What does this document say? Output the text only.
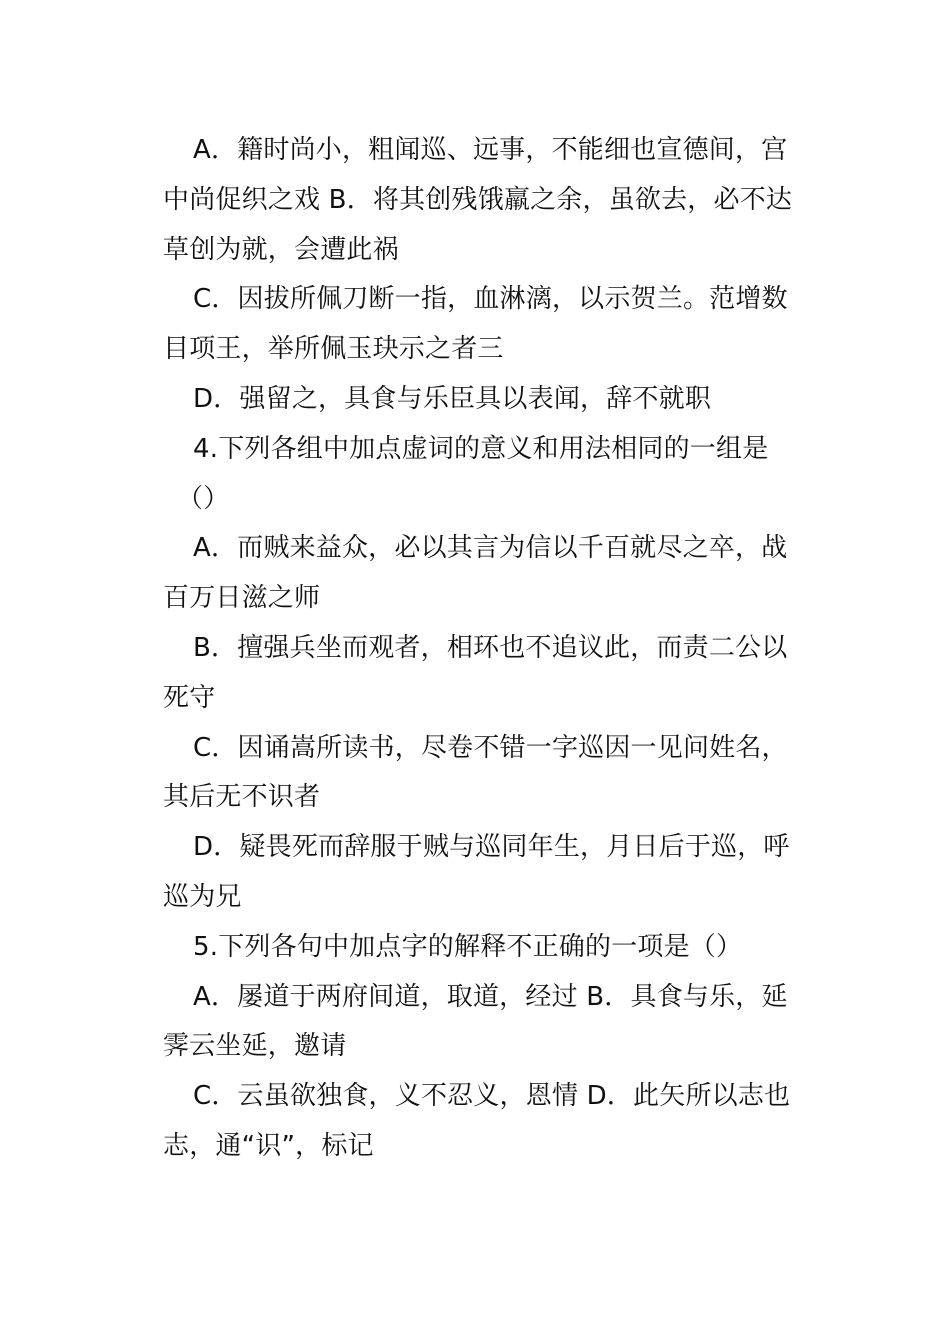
A．籍时尚小，粗闻巡、远事，不能细也宣德间，宫
中尚促织之戏 B．将其创残饿羸之余，虽欲去，必不达
草创为就，会遭此祸
C．因拔所佩刀断一指，血淋漓，以示贺兰。范增数
目项王，举所佩玉玦示之者三
D．强留之，具食与乐臣具以表闻，辞不就职
4.下列各组中加点虚词的意义和用法相同的一组是
（）
A．而贼来益众，必以其言为信以千百就尽之卒，战
百万日滋之师
B．擅强兵坐而观者，相环也不追议此，而责二公以
死守
C．因诵嵩所读书，尽卷不错一字巡因一见问姓名，
其后无不识者
D．疑畏死而辞服于贼与巡同年生，月日后于巡，呼
巡为兄
5.下列各句中加点字的解释不正确的一项是（）
A．屡道于两府间道，取道，经过 B．具食与乐，延
霁云坐延，邀请
C．云虽欲独食，义不忍义，恩情 D．此矢所以志也
志，通“识”，标记
